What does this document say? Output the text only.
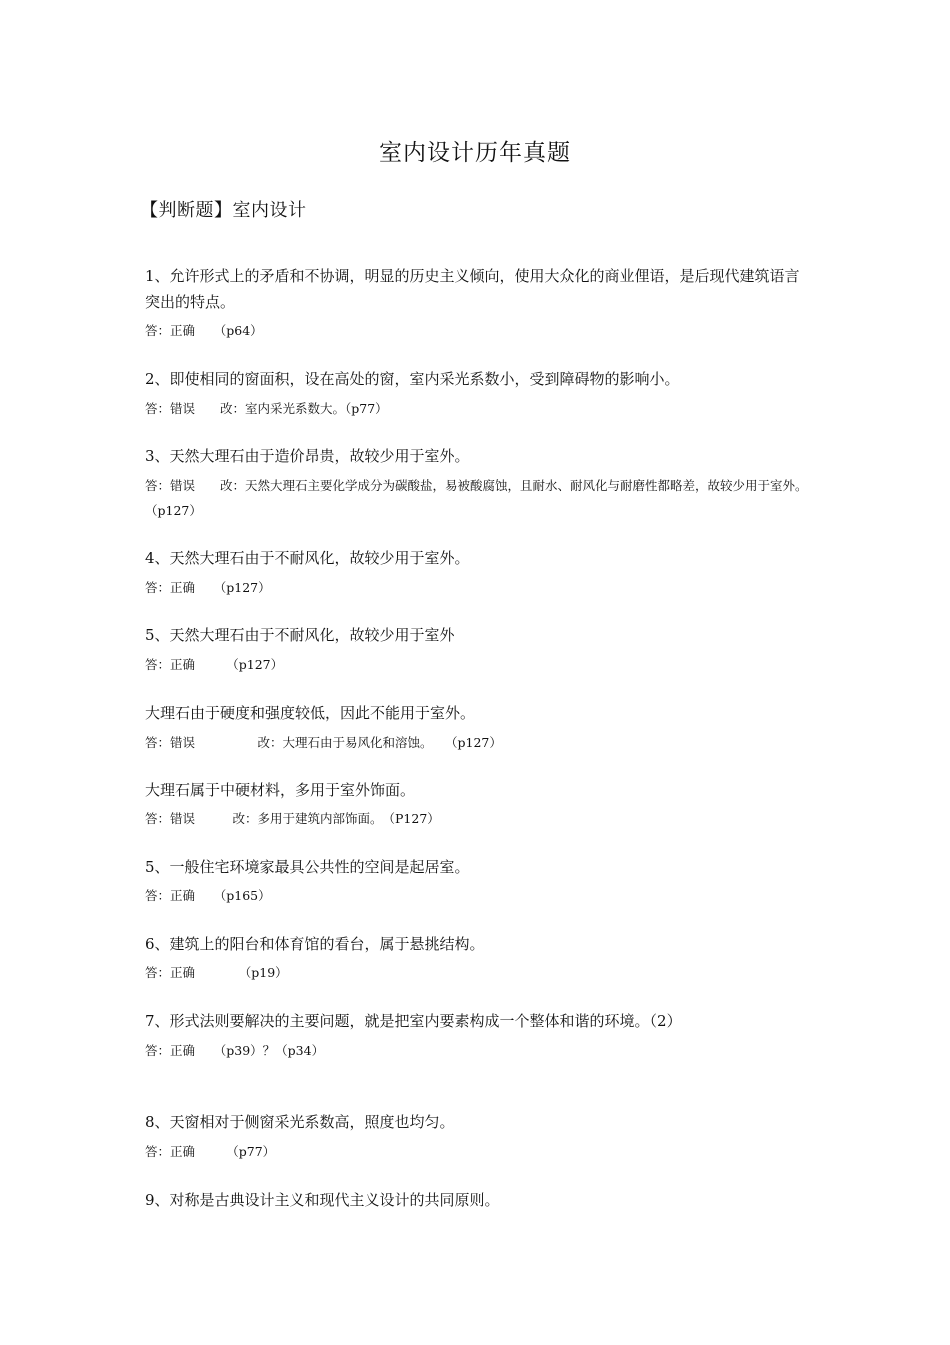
室内设计历年真题
【判断题】室内设计
1、允许形式上的矛盾和不协调，明显的历史主义倾向，使用大众化的商业俚语，是后现代建筑语言突出的特点。
答：正确　　（p64）
2、即使相同的窗面积，设在高处的窗，室内采光系数小，受到障碍物的影响小。
答：错误　　改：室内采光系数大。（p77）
3、天然大理石由于造价昂贵，故较少用于室外。
答：错误　　改：天然大理石主要化学成分为碳酸盐，易被酸腐蚀，且耐水、耐风化与耐磨性都略差，故较少用于室外。　　（p127）
4、天然大理石由于不耐风化，故较少用于室外。
答：正确　　（p127）
5、天然大理石由于不耐风化，故较少用于室外
答：正确　　　（p127）
大理石由于硬度和强度较低，因此不能用于室外。
答：错误　　　　　改：大理石由于易风化和溶蚀。　　（p127）
大理石属于中硬材料，多用于室外饰面。
答：错误　　　改：多用于建筑内部饰面。　（P127）
5、一般住宅环境家最具公共性的空间是起居室。
答：正确　　（p165）
6、建筑上的阳台和体育馆的看台，属于悬挑结构。
答：正确　　　　（p19）
7、形式法则要解决的主要问题，就是把室内要素构成一个整体和谐的环境。（2）
答：正确　　（p39）？（p34）
8、天窗相对于侧窗采光系数高，照度也均匀。
答：正确　　　（p77）
9、对称是古典设计主义和现代主义设计的共同原则。
